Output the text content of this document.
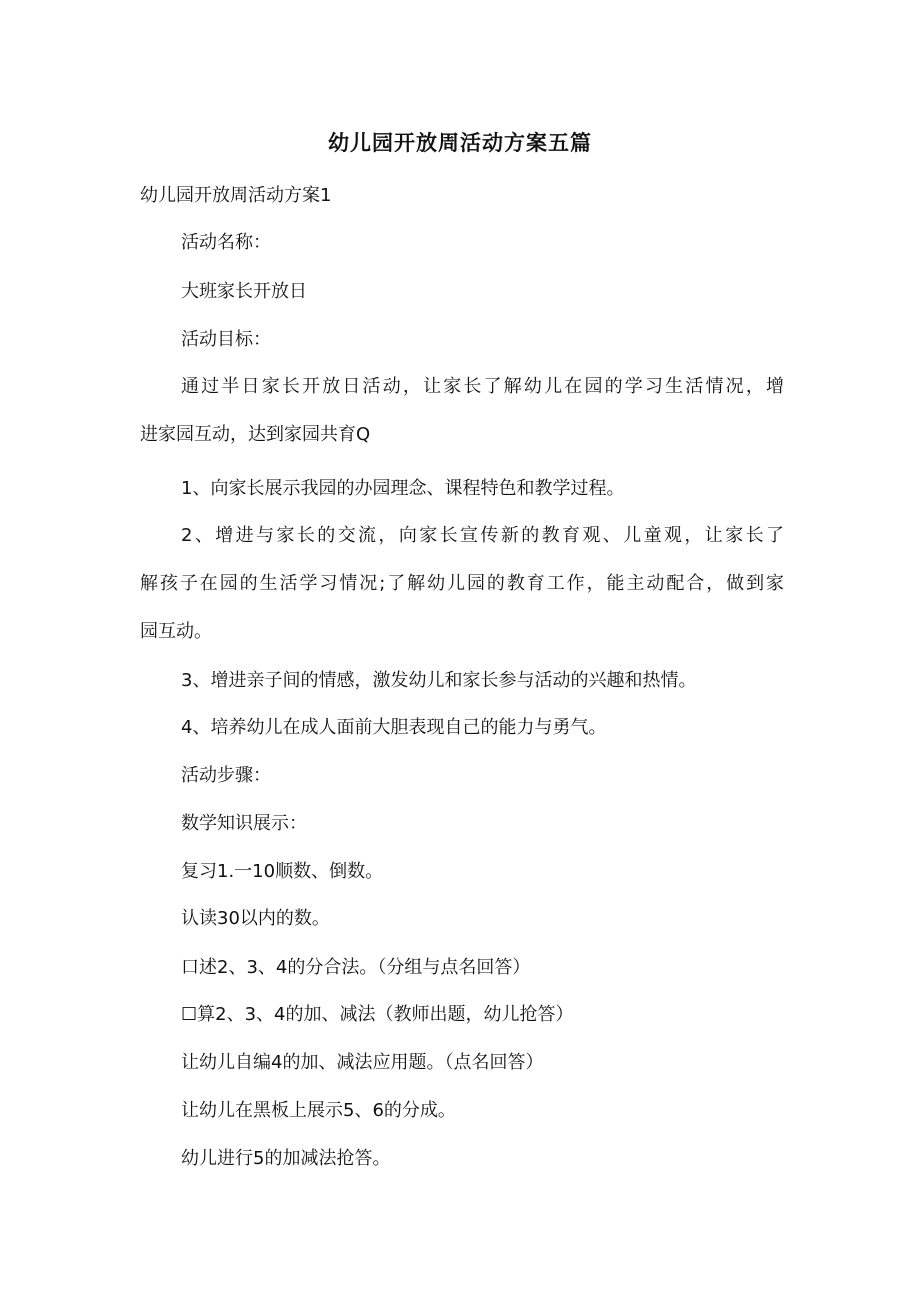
幼儿园开放周活动方案五篇
幼儿园开放周活动方案1
活动名称：
大班家长开放日
活动目标：
通过半日家长开放日活动，让家长了解幼儿在园的学习生活情况，增
进家园互动，达到家园共育Q
1、向家长展示我园的办园理念、课程特色和教学过程。
2、增进与家长的交流，向家长宣传新的教育观、儿童观，让家长了
解孩子在园的生活学习情况;了解幼儿园的教育工作，能主动配合，做到家
园互动。
3、增进亲子间的情感，激发幼儿和家长参与活动的兴趣和热情。
4、培养幼儿在成人面前大胆表现自己的能力与勇气。
活动步骤：
数学知识展示：
复习1.一10顺数、倒数。
认读30以内的数。
口述2、3、4的分合法。（分组与点名回答）
☐算2、3、4的加、减法（教师出题，幼儿抢答）
让幼儿自编4的加、减法应用题。（点名回答）
让幼儿在黑板上展示5、6的分成。
幼儿进行5的加减法抢答。
